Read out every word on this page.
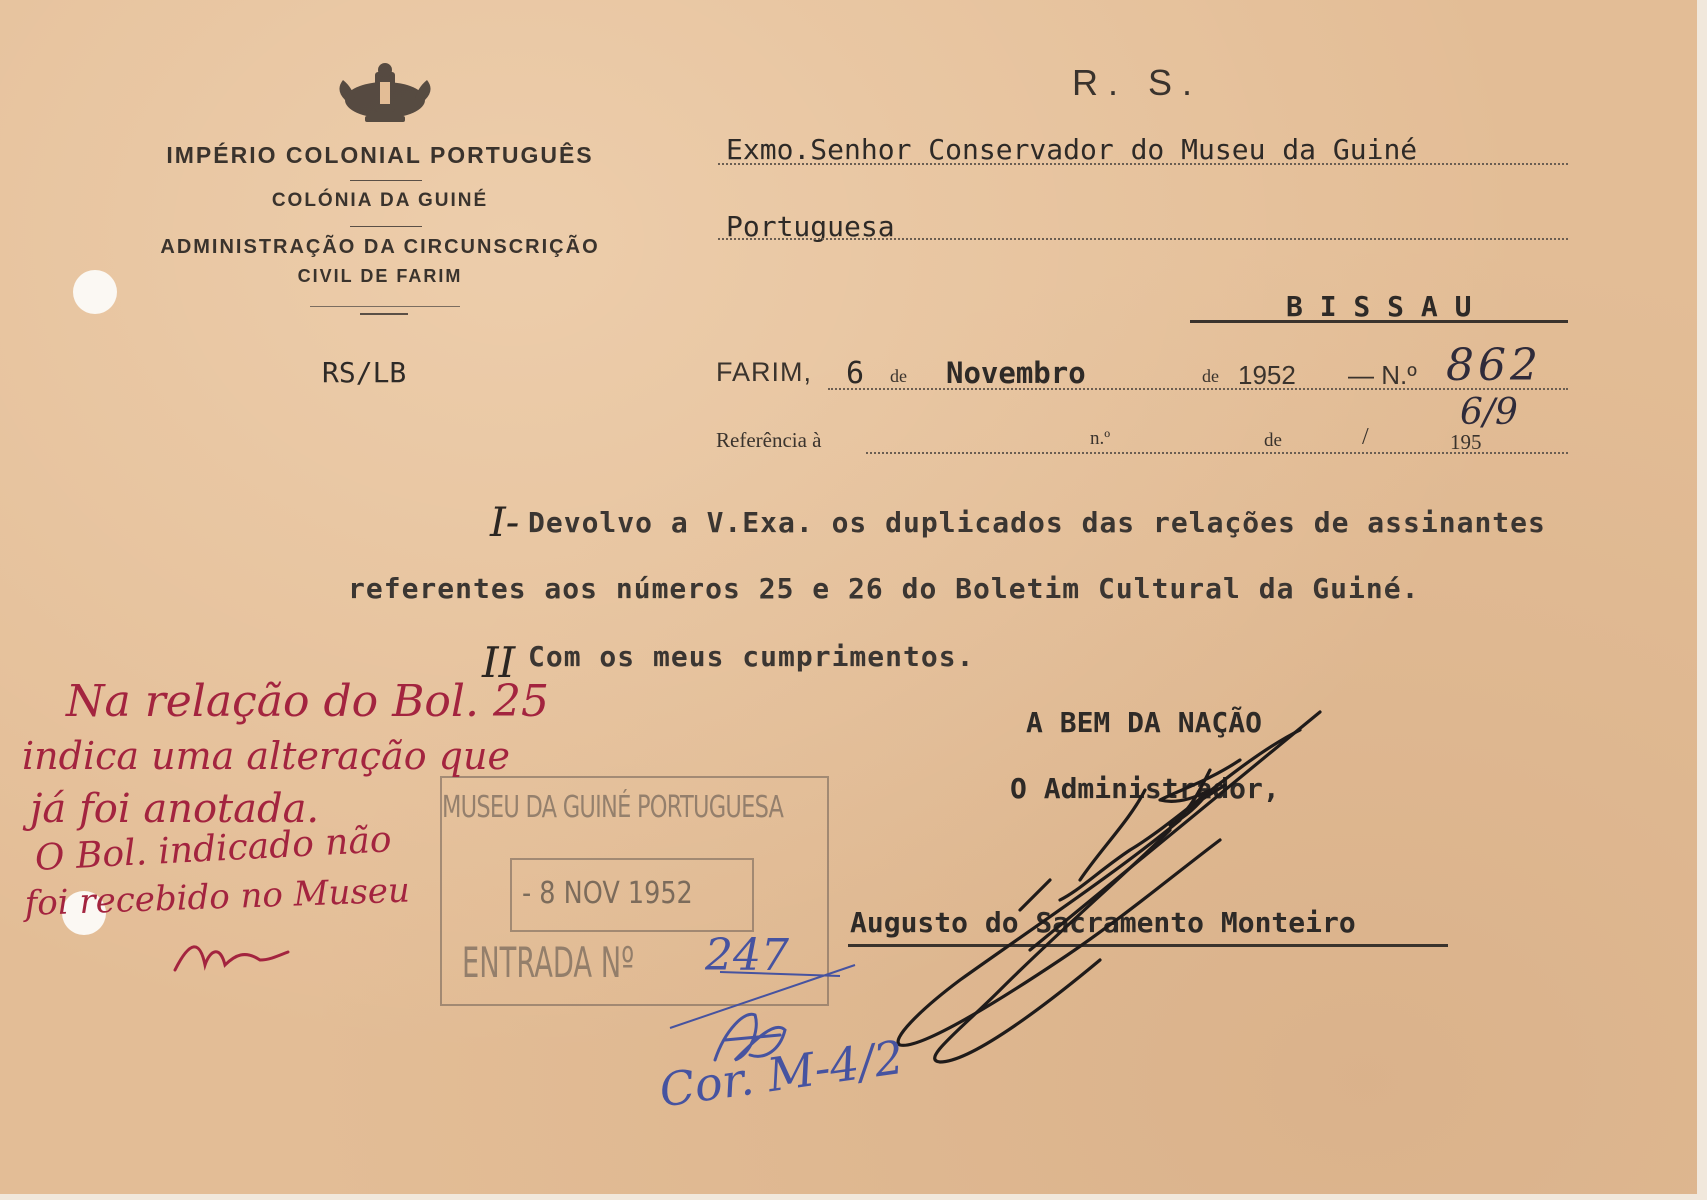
IMPÉRIO COLONIAL PORTUGUÊS
COLÓNIA DA GUINÉ
ADMINISTRAÇÃO DA CIRCUNSCRIÇÃO
CIVIL DE FARIM
RS/LB
R. S.
Exmo.Senhor Conservador do Museu da Guiné
Portuguesa
B I S S A U
FARIM, 6 de Novembro	de 1952 — N.º 862
Referência à	n.º	de	/	195
6/9
I- Devolvo a V.Exa. os duplicados das relações de assinantes
referentes aos números 25 e 26 do Boletim Cultural da Guiné.
II Com os meus cumprimentos.
A BEM DA NAÇÃO
O Administrador,
Augusto do Sacramento Monteiro
MUSEU DA GUINÉ PORTUGUESA
- 8 NOV 1952
ENTRADA Nº 247
Cor. M-4/2
Na relação do Bol. 25
indica uma alteração que
já foi anotada.
O Bol. indicado não
foi recebido no Museu
